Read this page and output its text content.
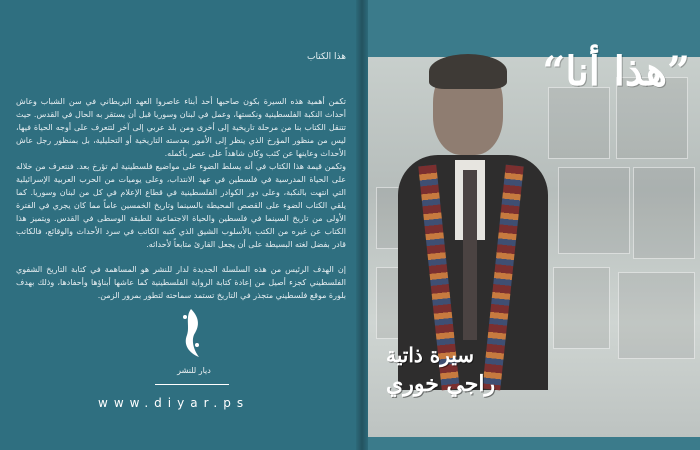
هذا الكتاب
تكمن أهمية هذه السيرة بكون صاحبها أحد أبناء عاصروا العهد البريطاني في سن الشباب وعاش أحداث النكبة الفلسطينية ونكستها، وعمل في لبنان وسوريا قبل أن يستقر به الحال في القدس. حيث تتنقل الكتاب بنا من مرحلة تاريخية إلى أخرى ومن بلد عربي إلى آخر لتتعرف على أوجه الحياة فيها، ليس من منظور المؤرخ الذي ينظر إلى الأمور بعدسته التاريخية أو التحليلية، بل بمنظور رجل عاش الأحداث وعاينها عن كثب وكان شاهداً على عصر بأكمله.
وتكمن قيمة هذا الكتاب في أنه يسلط الضوء على مواضيع فلسطينية لم تؤرخ بعد. فنتعرف من خلاله على الحياة المدرسية في فلسطين في عهد الانتداب، وعلى يوميات من الحرب العربية الإسرائيلية التي انتهت بالنكبة، وعلى دور الكوادر الفلسطينية في قطاع الإعلام في كل من لبنان وسوريا. كما يلقي الكتاب الضوء على القصص المحيطة بالسينما وتاريخ الخمسين عاماً مما كان يجري في الفترة الأولى من تاريخ السينما في فلسطين والحياة الاجتماعية للطبقة الوسطى في القدس. ويتميز هذا الكتاب عن غيره من الكتب بالأسلوب الشيق الذي كتبه الكاتب في سرد الأحداث والوقائع، فالكاتب قادر بفضل لغته البسيطة على أن يجعل القارئ متابعاً لأحداثه.
إن الهدف الرئيس من هذه السلسلة الجديدة لدار للنشر هو المساهمة في كتابة التاريخ الشفوي الفلسطيني كجزء أصيل من إعادة كتابة الرواية الفلسطينية كما عاشها أبناؤها وأحفادها، وذلك بهدف بلورة موقع فلسطيني متجذر في التاريخ تستمد سماحته لتطور بمرور الزمن.
ديار للنشر
www.diyar.ps
”هذا أنا“
سيرة ذاتية
راجي خوري
